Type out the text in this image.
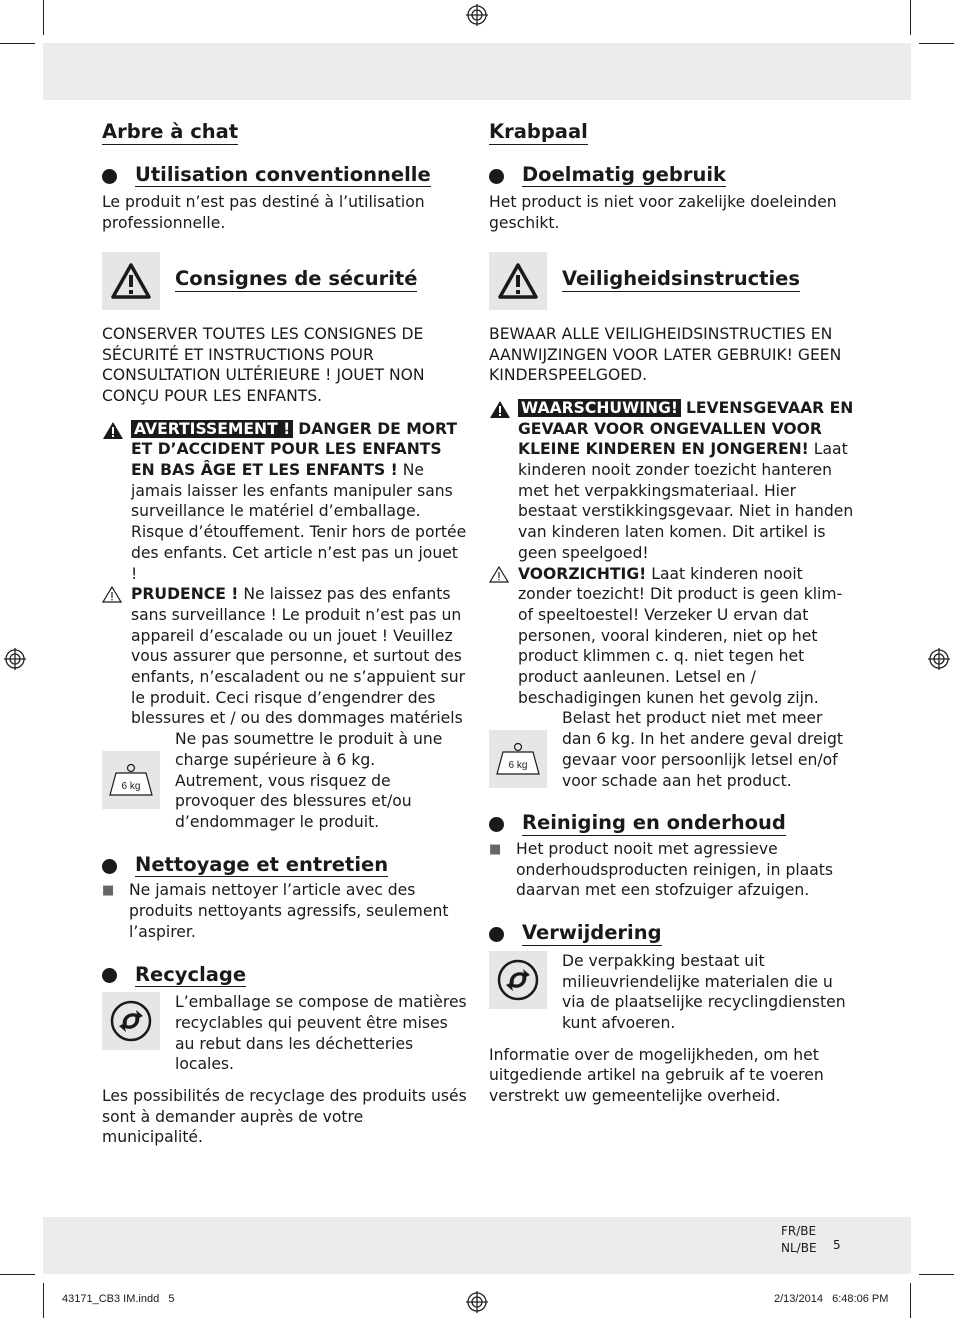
Arbre à chat
Utilisation conventionnelle

Le produit n’est pas destiné à l’utilisation professionnelle.

Consignes de sécurité

CONSERVER TOUTES LES CONSIGNES DE SÉCURITÉ ET INSTRUCTIONS POUR CONSULTATION ULTÉRIEURE ! JOUET NON CONÇU POUR LES ENFANTS.

AVERTISSEMENT ! DANGER DE MORT ET D’ACCIDENT POUR LES ENFANTS EN BAS ÂGE ET LES ENFANTS ! Ne jamais laisser les enfants manipuler sans surveillance le matériel d’emballage. Risque d’étouffement. Tenir hors de portée des enfants. Cet article n’est pas un jouet !

PRUDENCE ! Ne laissez pas des enfants sans surveillance ! Le produit n’est pas un appareil d’escalade ou un jouet ! Veuillez vous assurer que personne, et surtout des enfants, n’escaladent ou ne s’appuient sur le produit. Ceci risque d’engendrer des blessures et / ou des dommages matériels

6 kg

Ne pas soumettre le produit à une charge supérieure à 6 kg. Autrement, vous risquez de provoquer des blessures et/ou d’endommager le produit.

Nettoyage et entretien
■ Ne jamais nettoyer l’article avec des produits nettoyants agressifs, seulement l’aspirer.

Recyclage

L’emballage se compose de matières recyclables qui peuvent être mises au rebut dans les déchetteries locales.

Les possibilités de recyclage des produits usés sont à demander auprès de votre municipalité.

Krabpaal
Doelmatig gebruik

Het product is niet voor zakelijke doeleinden geschikt.

Veiligheidsinstructies

BEWAAR ALLE VEILIGHEIDSINSTRUCTIES EN AANWIJZINGEN VOOR LATER GEBRUIK! GEEN KINDERSPEELGOED.

WAARSCHUWING! LEVENSGEVAAR EN GEVAAR VOOR ONGEVALLEN VOOR KLEINE KINDEREN EN JONGEREN! Laat kinderen nooit zonder toezicht hanteren met het verpakkingsmateriaal. Hier bestaat verstikkingsgevaar. Niet in handen van kinderen laten komen. Dit artikel is geen speelgoed!

VOORZICHTIG! Laat kinderen nooit zonder toezicht! Dit product is geen klim- of speeltoestel! Verzeker U ervan dat personen, vooral kinderen, niet op het product klimmen c. q. niet tegen het product aanleunen. Letsel en / beschadigingen kunen het gevolg zijn.

6 kg

Belast het product niet met meer dan 6 kg. In het andere geval dreigt gevaar voor persoonlijk letsel en/of voor schade aan het product.

Reiniging en onderhoud
■ Het product nooit met agressieve onderhoudsproducten reinigen, in plaats daarvan met een stofzuiger afzuigen.

Verwijdering

De verpakking bestaat uit milieuvriendelijke materialen die u via de plaatselijke recyclingdiensten kunt afvoeren.

Informatie over de mogelijkheden, om het uitgediende artikel na gebruik af te voeren verstrekt uw gemeentelijke overheid.

FR/BE
NL/BE 5
43171_CB3 IM.indd   5	2/13/2014   6:48:06 PM
